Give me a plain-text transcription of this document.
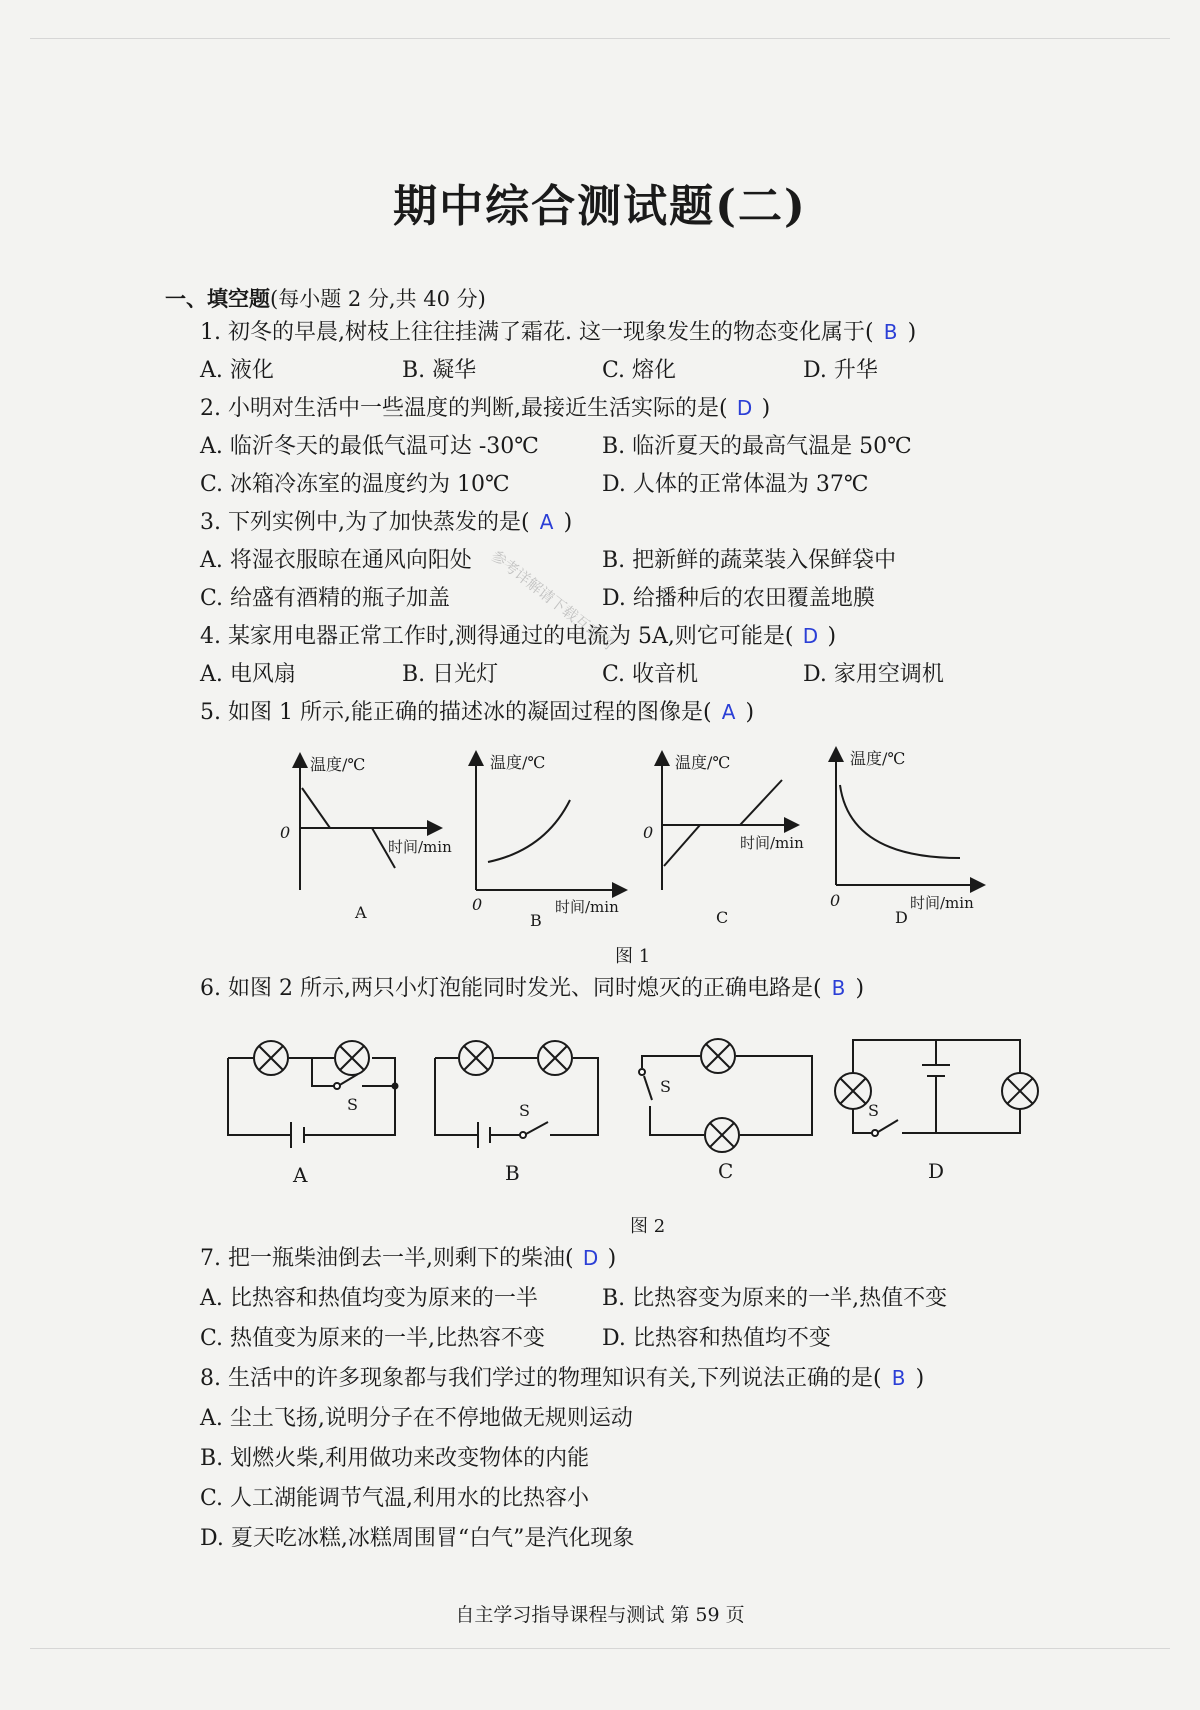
期中综合测试题(二)
一、填空题(每小题 2 分,共 40 分)
参考详解请下载互动网
1. 初冬的早晨,树枝上往往挂满了霜花. 这一现象发生的物态变化属于( B )
A. 液化	B. 凝华	C. 熔化	D. 升华
2. 小明对生活中一些温度的判断,最接近生活实际的是( D )
A. 临沂冬天的最低气温可达 -30℃	B. 临沂夏天的最高气温是 50℃
C. 冰箱冷冻室的温度约为 10℃	D. 人体的正常体温为 37℃
3. 下列实例中,为了加快蒸发的是( A )
A. 将湿衣服晾在通风向阳处	B. 把新鲜的蔬菜装入保鲜袋中
C. 给盛有酒精的瓶子加盖	D. 给播种后的农田覆盖地膜
4. 某家用电器正常工作时,测得通过的电流为 5A,则它可能是( D )
A. 电风扇	B. 日光灯	C. 收音机	D. 家用空调机
5. 如图 1 所示,能正确的描述冰的凝固过程的图像是( A )
温度/℃
0
时间/min
A
温度/℃
0	时间/min
B
温度/℃
0
时间/min
C
温度/℃
0	时间/min
D
图 1
6. 如图 2 所示,两只小灯泡能同时发光、同时熄灭的正确电路是( B )
S	S
S
S
A	B	C	D
图 2
7. 把一瓶柴油倒去一半,则剩下的柴油( D )
A. 比热容和热值均变为原来的一半	B. 比热容变为原来的一半,热值不变
C. 热值变为原来的一半,比热容不变	D. 比热容和热值均不变
8. 生活中的许多现象都与我们学过的物理知识有关,下列说法正确的是( B )
A. 尘土飞扬,说明分子在不停地做无规则运动
B. 划燃火柴,利用做功来改变物体的内能
C. 人工湖能调节气温,利用水的比热容小
D. 夏天吃冰糕,冰糕周围冒“白气”是汽化现象
自主学习指导课程与测试 第 59 页
